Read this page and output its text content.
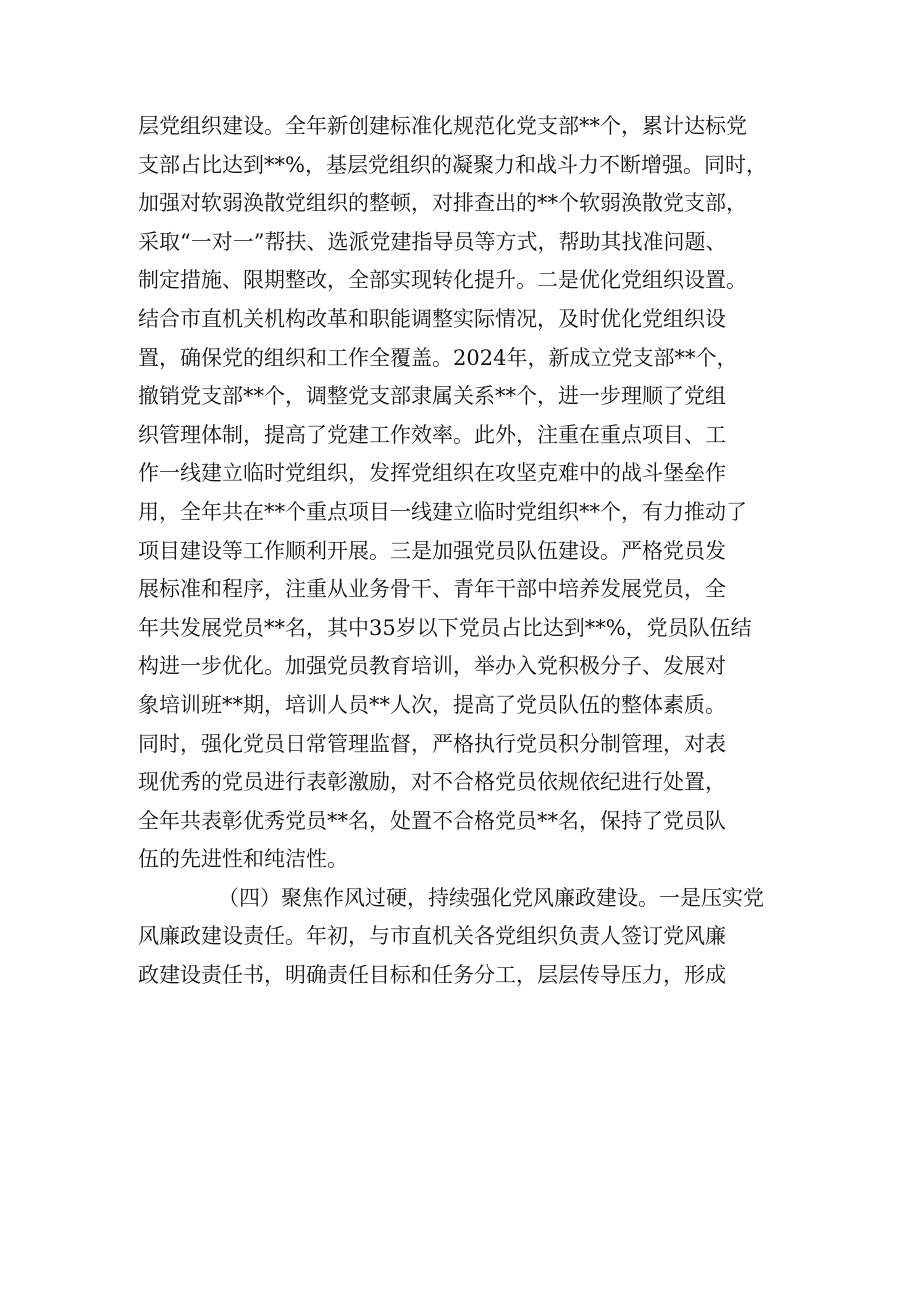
层党组织建设。全年新创建标准化规范化党支部**个，累计达标党
支部占比达到**%，基层党组织的凝聚力和战斗力不断增强。同时，
加强对软弱涣散党组织的整顿，对排查出的**个软弱涣散党支部，
采取“一对一”帮扶、选派党建指导员等方式，帮助其找准问题、
制定措施、限期整改，全部实现转化提升。二是优化党组织设置。
结合市直机关机构改革和职能调整实际情况，及时优化党组织设
置，确保党的组织和工作全覆盖。2024年，新成立党支部**个，
撤销党支部**个，调整党支部隶属关系**个，进一步理顺了党组
织管理体制，提高了党建工作效率。此外，注重在重点项目、工
作一线建立临时党组织，发挥党组织在攻坚克难中的战斗堡垒作
用，全年共在**个重点项目一线建立临时党组织**个，有力推动了
项目建设等工作顺利开展。三是加强党员队伍建设。严格党员发
展标准和程序，注重从业务骨干、青年干部中培养发展党员，全
年共发展党员**名，其中35岁以下党员占比达到**%，党员队伍结
构进一步优化。加强党员教育培训，举办入党积极分子、发展对
象培训班**期，培训人员**人次，提高了党员队伍的整体素质。
同时，强化党员日常管理监督，严格执行党员积分制管理，对表
现优秀的党员进行表彰激励，对不合格党员依规依纪进行处置，
全年共表彰优秀党员**名，处置不合格党员**名，保持了党员队
伍的先进性和纯洁性。
（四）聚焦作风过硬，持续强化党风廉政建设。一是压实党
风廉政建设责任。年初，与市直机关各党组织负责人签订党风廉
政建设责任书，明确责任目标和任务分工，层层传导压力，形成
